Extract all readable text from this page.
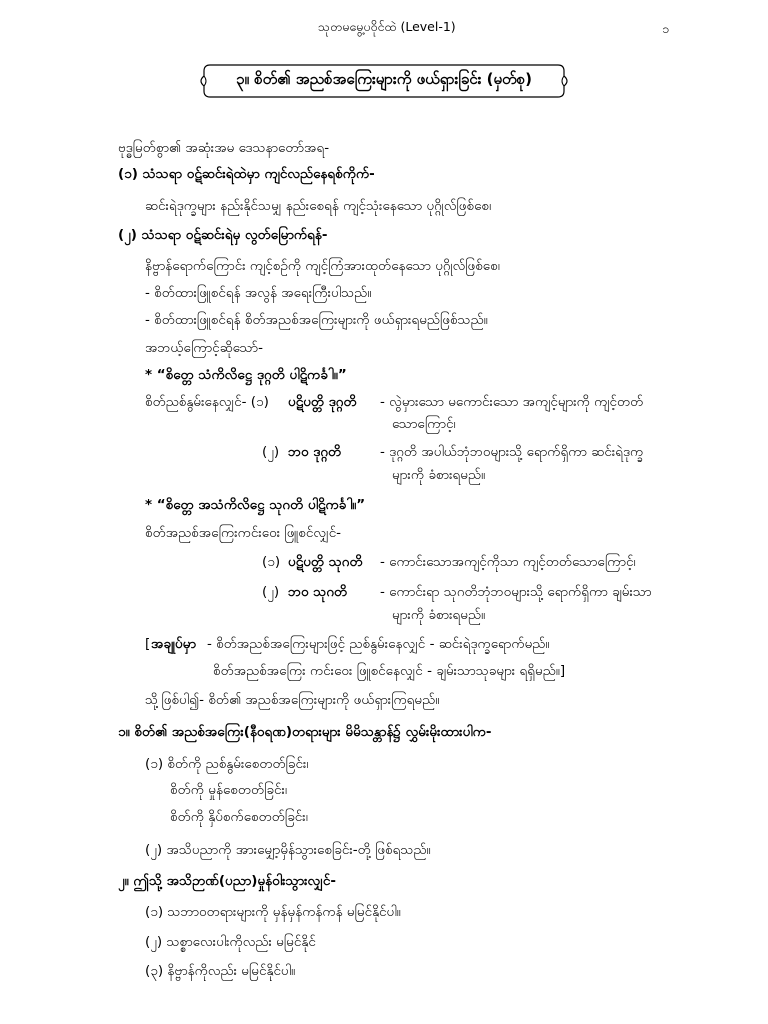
သုတမမွေ့ပဝိုင်ထဲ (Level-1)	၁
၃။ စိတ်၏ အညစ်အကြေးများကို ဖယ်ရှားခြင်း (မှတ်စု)
ဗုဒ္ဓမြတ်စွာ၏ အဆုံးအမ ဒေသနာတော်အရ-
(၁) သံသရာ ဝဋ်ဆင်းရဲထဲမှာ ကျင်လည်နေရစ်ကိုက်-
ဆင်းရဲဒုက္ခများ နည်းနိုင်သမျှ နည်းစေရန် ကျင့်သုံးနေသော ပုဂ္ဂိုလ်ဖြစ်စေ၊
(၂) သံသရာ ဝဋ်ဆင်းရဲမှ လွတ်မြောက်ရန်-
နိဗ္ဗာန်ရောက်ကြောင်း ကျင့်စဉ်ကို ကျင့်ကြံအားထုတ်နေသော ပုဂ္ဂိုလ်ဖြစ်စေ၊
- စိတ်ထားဖြူစင်ရန် အလွန် အရေးကြီးပါသည်။
- စိတ်ထားဖြူစင်ရန် စိတ်အညစ်အကြေးများကို ဖယ်ရှားရမည်ဖြစ်သည်။
အဘယ့်ကြောင့်ဆိုသော်-
* “စိတ္တေ သံကိလိဋ္ဌေ ဒုဂ္ဂတိ ပါဋိကင်္ခါ။”
စိတ်ညစ်နွမ်းနေလျှင်- (၁) ပဋိပတ္တိ ဒုဂ္ဂတိ - လွဲမှားသော မကောင်းသော အကျင့်များကို ကျင့်တတ်
သောကြောင့်၊
(၂) ဘဝ ဒုဂ္ဂတိ	- ဒုဂ္ဂတိ အပါယ်ဘုံဘဝများသို့ ရောက်ရှိကာ ဆင်းရဲဒုက္ခ
များကို ခံစားရမည်။
* “စိတ္တေ အသံကိလိဋ္ဌေ သုဂတိ ပါဋိကင်္ခါ။”
စိတ်အညစ်အကြေးကင်းဝေး ဖြူစင်လျှင်-
(၁) ပဋိပတ္တိ သုဂတိ - ကောင်းသောအကျင့်ကိုသာ ကျင့်တတ်သောကြောင့်၊
(၂) ဘဝ သုဂတိ - ကောင်းရာ သုဂတိဘုံဘဝများသို့ ရောက်ရှိကာ ချမ်းသာ
များကို ခံစားရမည်။
[ အချုပ်မှာ - စိတ်အညစ်အကြေးများဖြင့် ညစ်နွမ်းနေလျှင် - ဆင်းရဲဒုက္ခရောက်မည်။
စိတ်အညစ်အကြေး ကင်းဝေး ဖြူစင်နေလျှင် - ချမ်းသာသုခများ ရရှိမည်။]
သို့ဖြစ်ပါ၍- စိတ်၏ အညစ်အကြေးများကို ဖယ်ရှားကြရမည်။
၁။ စိတ်၏ အညစ်အကြေး(နီဝရဏ)တရားများ မိမိသန္တာန်၌ လွှမ်းမိုးထားပါက-
(၁) စိတ်ကို ညစ်နွမ်းစေတတ်ခြင်း၊
စိတ်ကို မှုန်စေတတ်ခြင်း၊
စိတ်ကို နှိပ်စက်စေတတ်ခြင်း၊
(၂) အသိပညာကို အားမျှော့မှိန်သွားစေခြင်း-တို့ ဖြစ်ရသည်။
၂။ ဤသို့ အသိဉာဏ်(ပညာ)မှုန်ဝါးသွားလျှင်-
(၁) သဘာဝတရားများကို မှန်မှန်ကန်ကန် မမြင်နိုင်ပါ။
(၂) သစ္စာလေးပါးကိုလည်း မမြင်နိုင်
(၃) နိဗ္ဗာန်ကိုလည်း မမြင်နိုင်ပါ။
